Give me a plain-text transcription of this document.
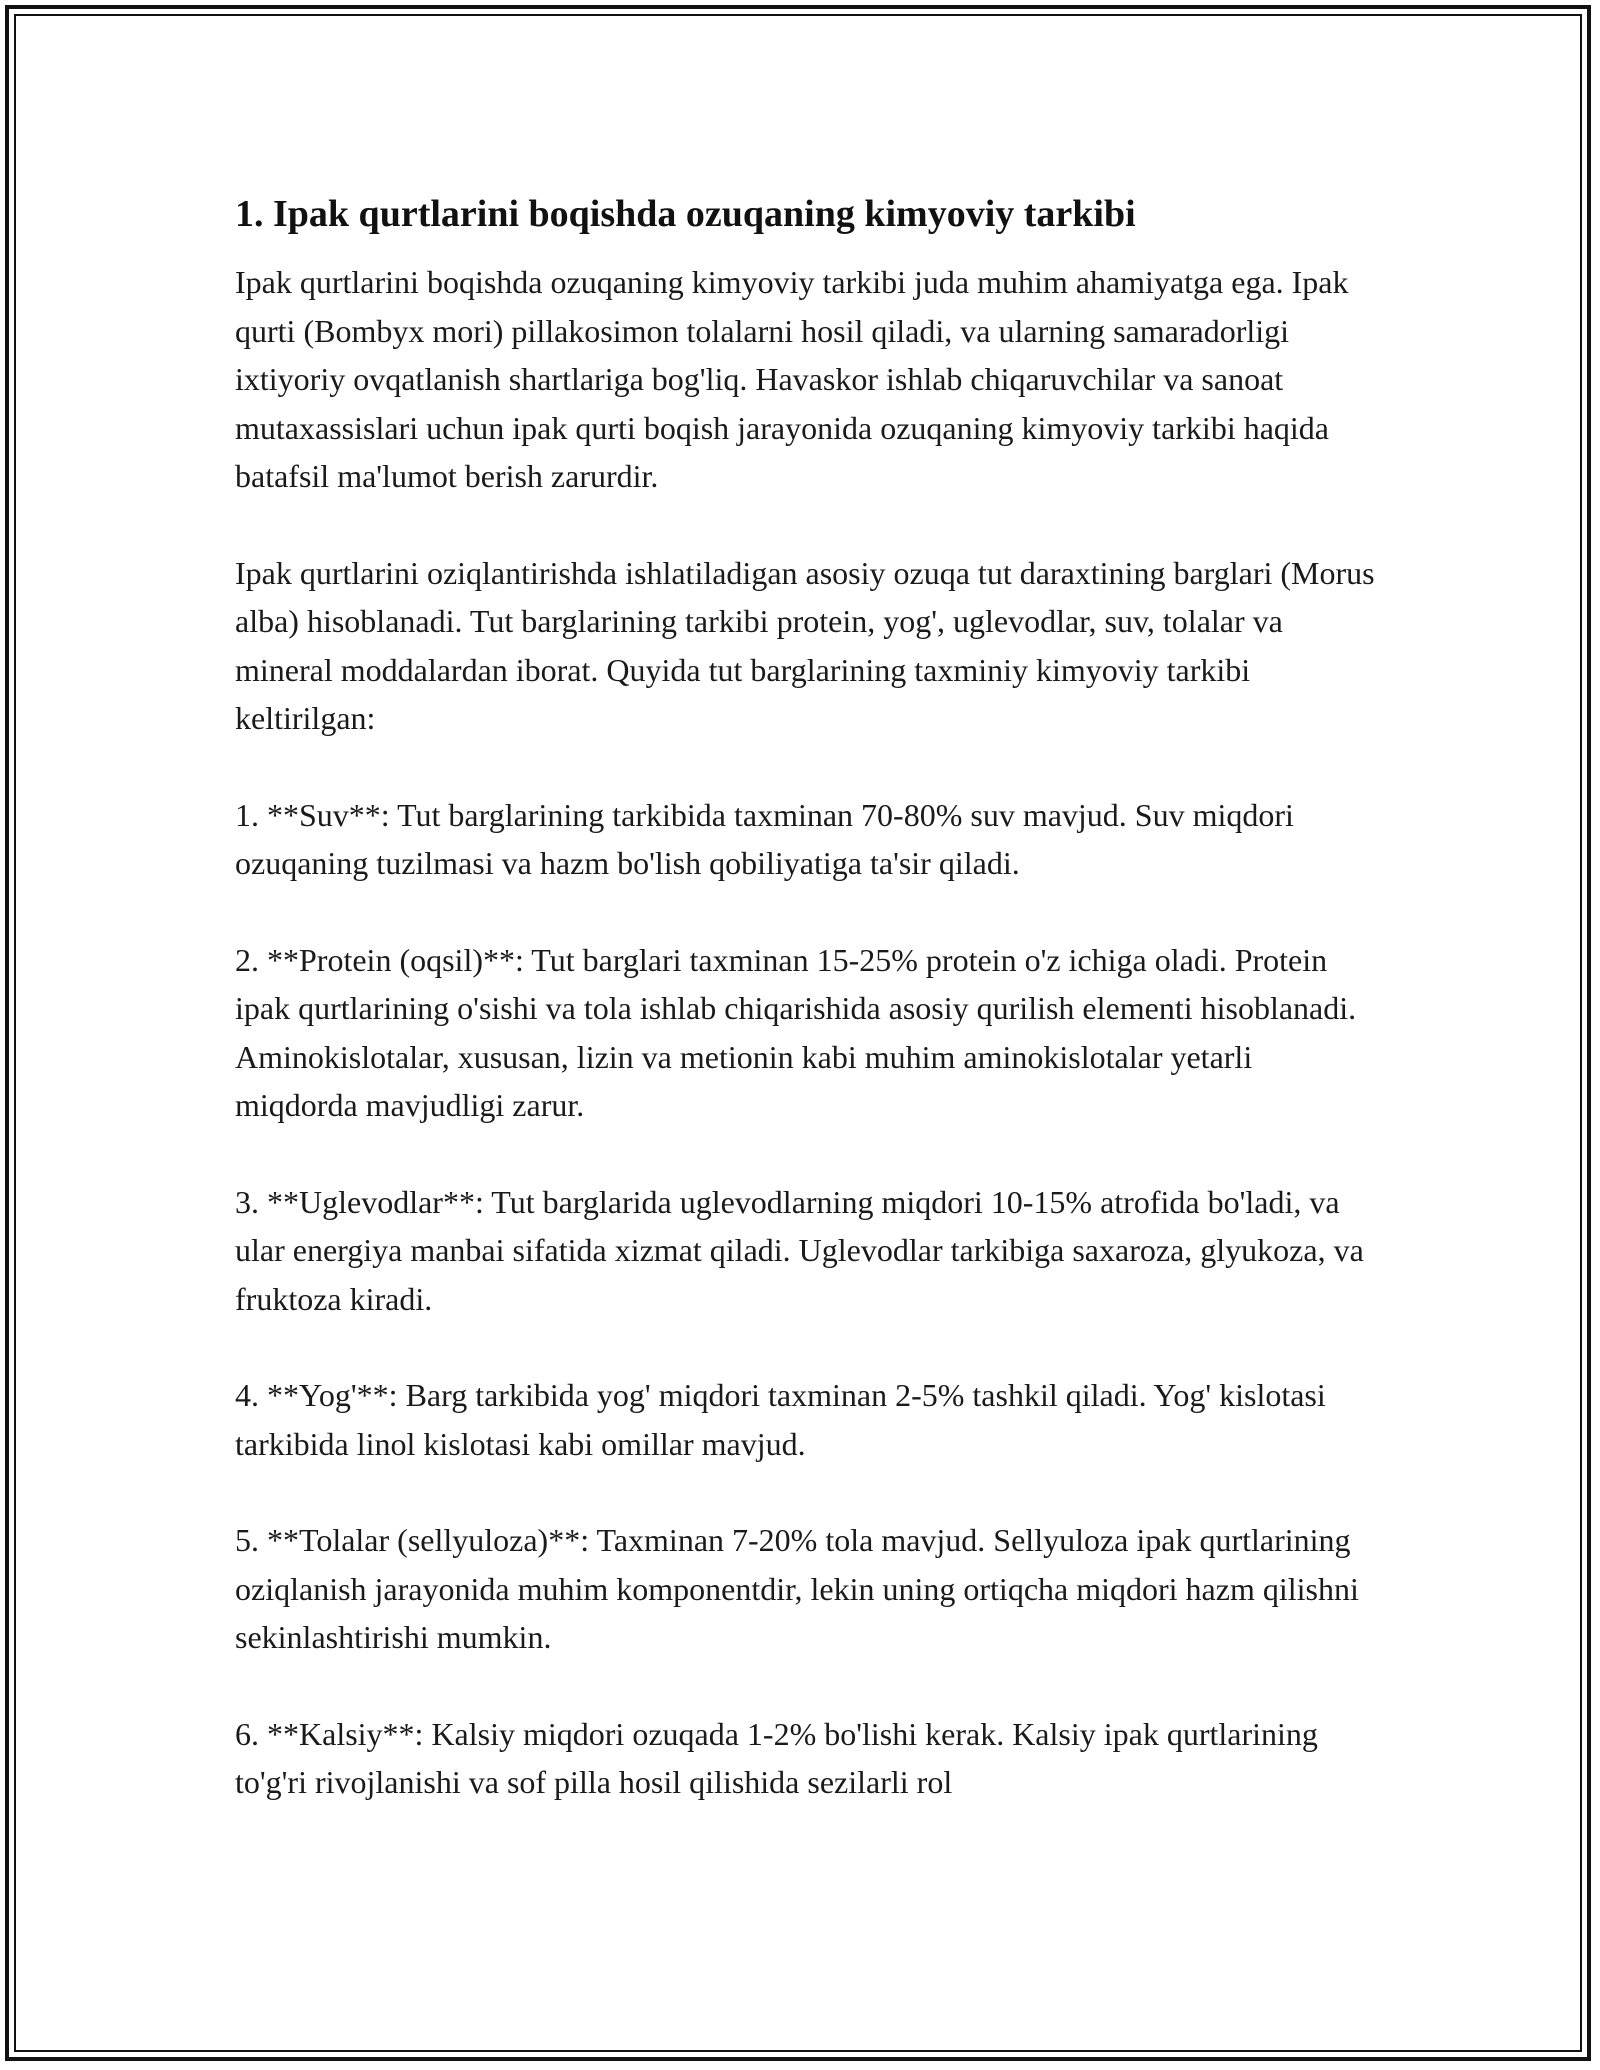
1. Ipak qurtlarini boqishda ozuqaning kimyoviy tarkibi

Ipak qurtlarini boqishda ozuqaning kimyoviy tarkibi juda muhim ahamiyatga ega. Ipak qurti (Bombyx mori) pillakosimon tolalarni hosil qiladi, va ularning samaradorligi ixtiyoriy ovqatlanish shartlariga bog'liq. Havaskor ishlab chiqaruvchilar va sanoat mutaxassislari uchun ipak qurti boqish jarayonida ozuqaning kimyoviy tarkibi haqida batafsil ma'lumot berish zarurdir.

Ipak qurtlarini oziqlantirishda ishlatiladigan asosiy ozuqa tut daraxtining barglari (Morus alba) hisoblanadi. Tut barglarining tarkibi protein, yog', uglevodlar, suv, tolalar va mineral moddalardan iborat. Quyida tut barglarining taxminiy kimyoviy tarkibi keltirilgan:

1. **Suv**: Tut barglarining tarkibida taxminan 70-80% suv mavjud. Suv miqdori ozuqaning tuzilmasi va hazm bo'lish qobiliyatiga ta'sir qiladi.

2. **Protein (oqsil)**: Tut barglari taxminan 15-25% protein o'z ichiga oladi. Protein ipak qurtlarining o'sishi va tola ishlab chiqarishida asosiy qurilish elementi hisoblanadi. Aminokislotalar, xususan, lizin va metionin kabi muhim aminokislotalar yetarli miqdorda mavjudligi zarur.

3. **Uglevodlar**: Tut barglarida uglevodlarning miqdori 10-15% atrofida bo'ladi, va ular energiya manbai sifatida xizmat qiladi. Uglevodlar tarkibiga saxaroza, glyukoza, va fruktoza kiradi.

4. **Yog'**: Barg tarkibida yog' miqdori taxminan 2-5% tashkil qiladi. Yog' kislotasi tarkibida linol kislotasi kabi omillar mavjud.

5. **Tolalar (sellyuloza)**: Taxminan 7-20% tola mavjud. Sellyuloza ipak qurtlarining oziqlanish jarayonida muhim komponentdir, lekin uning ortiqcha miqdori hazm qilishni sekinlashtirishi mumkin.

6. **Kalsiy**: Kalsiy miqdori ozuqada 1-2% bo'lishi kerak. Kalsiy ipak qurtlarining to'g'ri rivojlanishi va sof pilla hosil qilishida sezilarli rol
